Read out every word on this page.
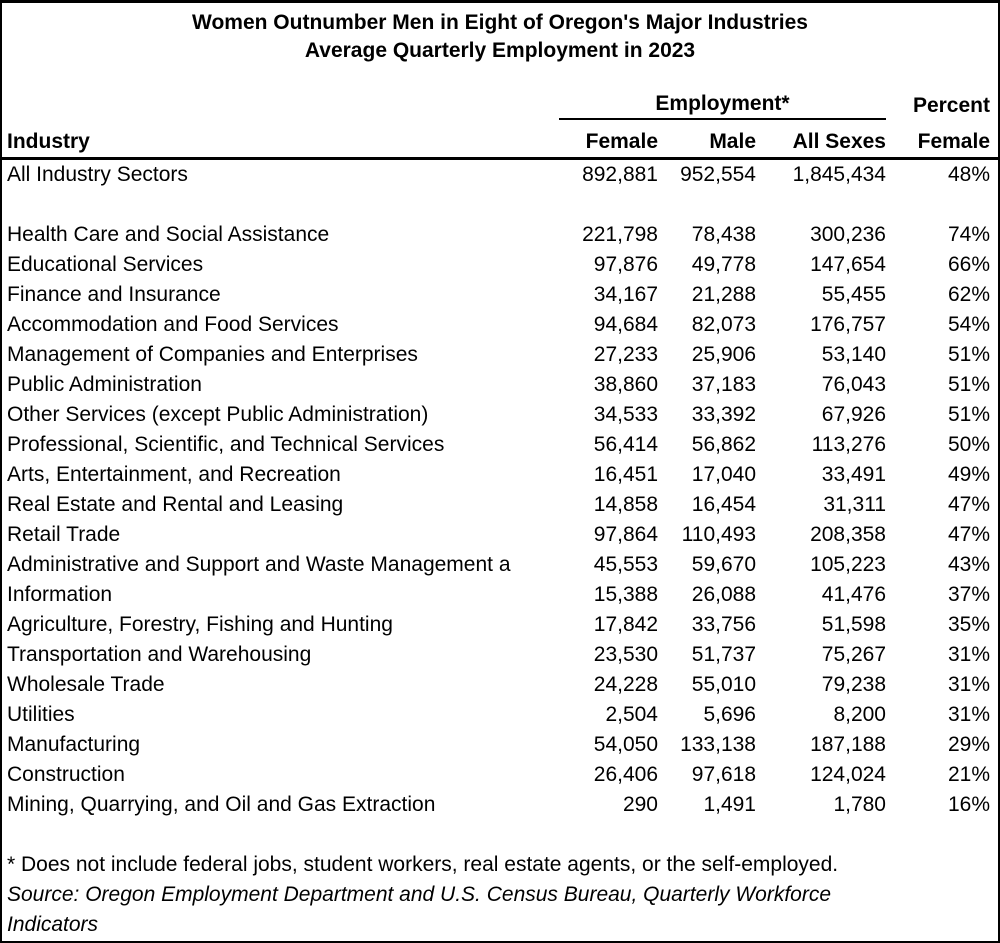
Women Outnumber Men in Eight of Oregon's Major Industries
Average Quarterly Employment in 2023
Employment*	Percent
Industry	Female	Male	All Sexes	Female
All Industry Sectors	892,881	952,554	1,845,434	48%
Health Care and Social Assistance	221,798	78,438	300,236	74%
Educational Services	97,876	49,778	147,654	66%
Finance and Insurance	34,167	21,288	55,455	62%
Accommodation and Food Services	94,684	82,073	176,757	54%
Management of Companies and Enterprises	27,233	25,906	53,140	51%
Public Administration	38,860	37,183	76,043	51%
Other Services (except Public Administration)	34,533	33,392	67,926	51%
Professional, Scientific, and Technical Services	56,414	56,862	113,276	50%
Arts, Entertainment, and Recreation	16,451	17,040	33,491	49%
Real Estate and Rental and Leasing	14,858	16,454	31,311	47%
Retail Trade	97,864	110,493	208,358	47%
Administrative and Support and Waste Management a	45,553	59,670	105,223	43%
Information	15,388	26,088	41,476	37%
Agriculture, Forestry, Fishing and Hunting	17,842	33,756	51,598	35%
Transportation and Warehousing	23,530	51,737	75,267	31%
Wholesale Trade	24,228	55,010	79,238	31%
Utilities	2,504	5,696	8,200	31%
Manufacturing	54,050	133,138	187,188	29%
Construction	26,406	97,618	124,024	21%
Mining, Quarrying, and Oil and Gas Extraction	290	1,491	1,780	16%
* Does not include federal jobs, student workers, real estate agents, or the self-employed.
Source: Oregon Employment Department and U.S. Census Bureau, Quarterly Workforce Indicators
